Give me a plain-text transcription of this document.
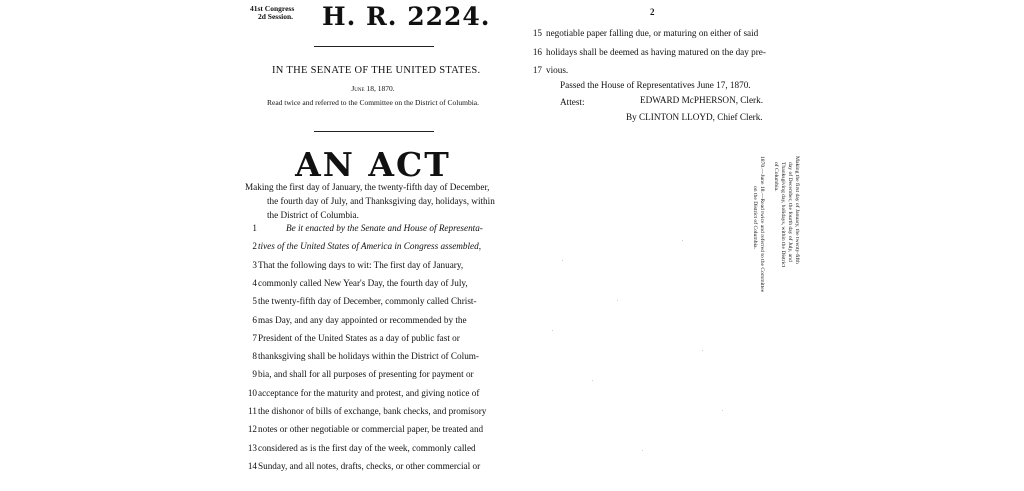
41st Congress
2d Session. H. R. 2224.
IN THE SENATE OF THE UNITED STATES.
June 18, 1870.
Read twice and referred to the Committee on the District of Columbia.
AN ACT
Making the first day of January, the twenty-fifth day of December,
the fourth day of July, and Thanksgiving day, holidays, within
the District of Columbia.
1	Be it enacted by the Senate and House of Representa-
2 tives of the United States of America in Congress assembled,
3 That the following days to wit: The first day of January,
4 commonly called New Year's Day, the fourth day of July,
5 the twenty-fifth day of December, commonly called Christ-
6 mas Day, and any day appointed or recommended by the
7 President of the United States as a day of public fast or
8 thanksgiving shall be holidays within the District of Colum-
9 bia, and shall for all purposes of presenting for payment or
10 acceptance for the maturity and protest, and giving notice of
11 the dishonor of bills of exchange, bank checks, and promisory
12 notes or other negotiable or commercial paper, be treated and
13 considered as is the first day of the week, commonly called
14 Sunday, and all notes, drafts, checks, or other commercial or
2
15 negotiable paper falling due, or maturing on either of said
16 holidays shall be deemed as having matured on the day pre-
17 vious.
Passed the House of Representatives June 17, 1870.
Attest:	EDWARD McPHERSON, Clerk.
By CLINTON LLOYD, Chief Clerk.
Making the first day of January, the twenty-fifth
day of December, the fourth day of July, and
Thanksgiving day, holidays, within the District
of Columbia.
1870.—June 18.—Read twice and referred to the Committee
on the District of Columbia.
